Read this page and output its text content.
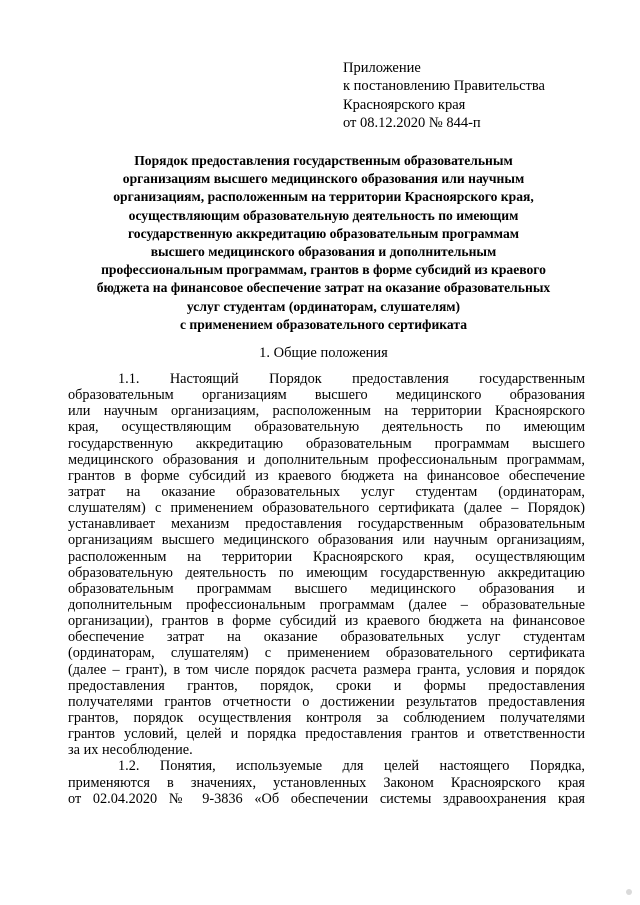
Приложение
к постановлению Правительства
Красноярского края
от 08.12.2020 № 844-п
Порядок предоставления государственным образовательным
организациям высшего медицинского образования или научным
организациям, расположенным на территории Красноярского края,
осуществляющим образовательную деятельность по имеющим
государственную аккредитацию образовательным программам
высшего медицинского образования и дополнительным
профессиональным программам, грантов в форме субсидий из краевого
бюджета на финансовое обеспечение затрат на оказание образовательных
услуг студентам (ординаторам, слушателям)
с применением образовательного сертификата
1. Общие положения
1.1. Настоящий Порядок предоставления государственным
образовательным организациям высшего медицинского образования
или научным организациям, расположенным на территории Красноярского
края, осуществляющим образовательную деятельность по имеющим
государственную аккредитацию образовательным программам высшего
медицинского образования и дополнительным профессиональным программам,
грантов в форме субсидий из краевого бюджета на финансовое обеспечение
затрат на оказание образовательных услуг студентам (ординаторам,
слушателям) с применением образовательного сертификата (далее – Порядок)
устанавливает механизм предоставления государственным образовательным
организациям высшего медицинского образования или научным организациям,
расположенным на территории Красноярского края, осуществляющим
образовательную деятельность по имеющим государственную аккредитацию
образовательным программам высшего медицинского образования и
дополнительным профессиональным программам (далее – образовательные
организации), грантов в форме субсидий из краевого бюджета на финансовое
обеспечение затрат на оказание образовательных услуг студентам
(ординаторам, слушателям) с применением образовательного сертификата
(далее – грант), в том числе порядок расчета размера гранта, условия и порядок
предоставления грантов, порядок, сроки и формы предоставления
получателями грантов отчетности о достижении результатов предоставления
грантов, порядок осуществления контроля за соблюдением получателями
грантов условий, целей и порядка предоставления грантов и ответственности
за их несоблюдение.
1.2. Понятия, используемые для целей настоящего Порядка,
применяются в значениях, установленных Законом Красноярского края
от 02.04.2020 № 9-3836 «Об обеспечении системы здравоохранения края
